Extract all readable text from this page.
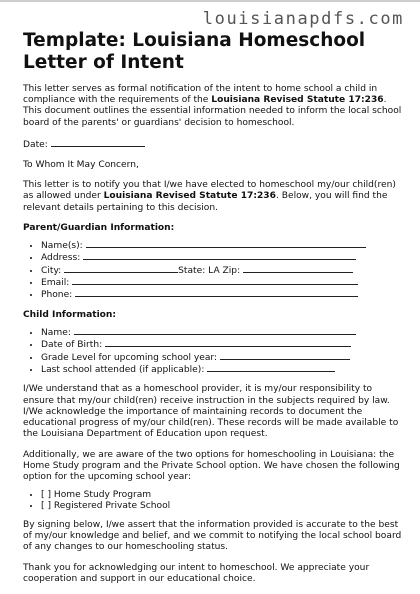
louisianapdfs.com
Template: Louisiana Homeschool Letter of Intent

This letter serves as formal notification of the intent to home school a child in compliance with the requirements of the Louisiana Revised Statute 17:236. This document outlines the essential information needed to inform the local school board of the parents' or guardians' decision to homeschool.

Date:

To Whom It May Concern,

This letter is to notify you that I/we have elected to homeschool my/our child(ren) as allowed under Louisiana Revised Statute 17:236. Below, you will find the relevant details pertaining to this decision.

Parent/Guardian Information:
• Name(s):
• Address:
• City:	State: LA Zip:
• Email:
• Phone:
Child Information:
• Name:
• Date of Birth:
• Grade Level for upcoming school year:
• Last school attended (if applicable):

I/We understand that as a homeschool provider, it is my/our responsibility to ensure that my/our child(ren) receive instruction in the subjects required by law. I/We acknowledge the importance of maintaining records to document the educational progress of my/our child(ren). These records will be made available to the Louisiana Department of Education upon request.

Additionally, we are aware of the two options for homeschooling in Louisiana: the Home Study program and the Private School option. We have chosen the following option for the upcoming school year:

• [ ] Home Study Program
• [ ] Registered Private School

By signing below, I/we assert that the information provided is accurate to the best of my/our knowledge and belief, and we commit to notifying the local school board of any changes to our homeschooling status.

Thank you for acknowledging our intent to homeschool. We appreciate your cooperation and support in our educational choice.
